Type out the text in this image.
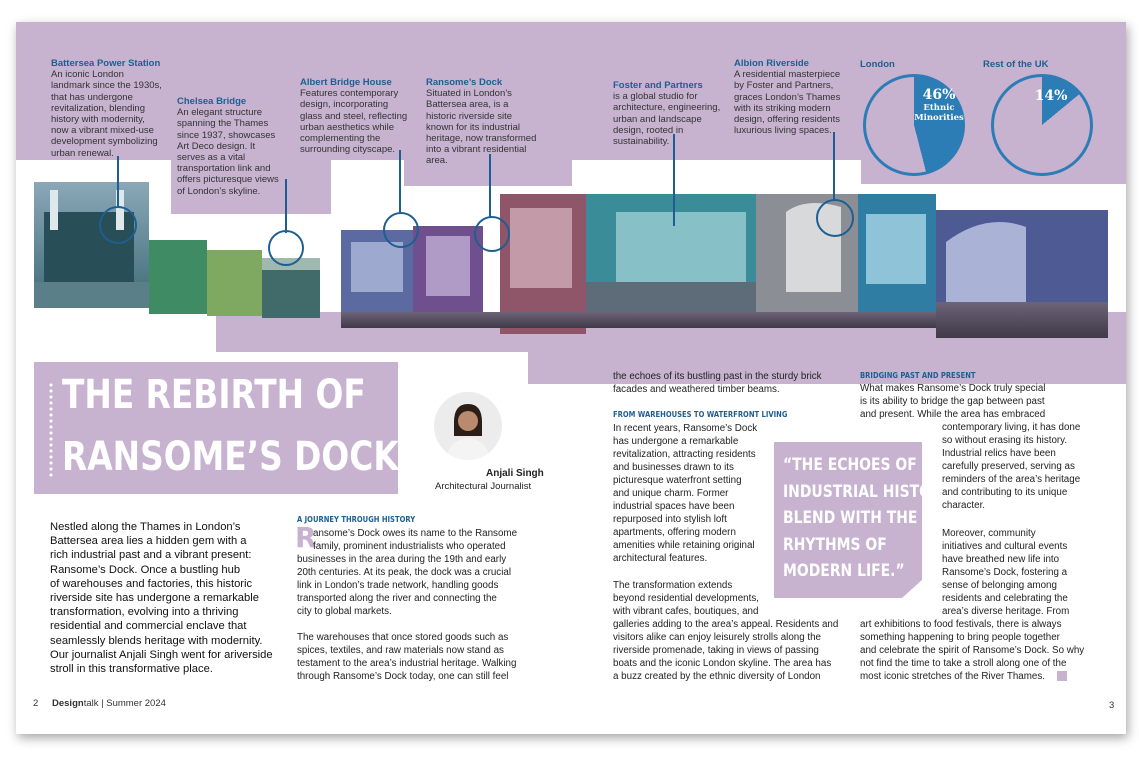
Battersea Power Station
An iconic London landmark since the 1930s, that has undergone revitalization, blending history with modernity, now a vibrant mixed-use development symbolizing urban renewal.
Chelsea Bridge
An elegant structure spanning the Thames since 1937, showcases Art Deco design. It serves as a vital transportation link and offers picturesque views of London’s skyline.
Albert Bridge House
Features contemporary design, incorporating glass and steel, reflecting urban aesthetics while complementing the surrounding cityscape.
Ransome’s Dock
Situated in London’s Battersea area, is a historic riverside site known for its industrial heritage, now transformed into a vibrant residential area.
Foster and Partners
is a global studio for architecture, engineering, urban and landscape design, rooted in sustainability.
Albion Riverside
A residential masterpiece by Foster and Partners, graces London’s Thames with its striking modern design, offering residents luxurious living spaces.
London
46%
Ethnic
Minorities
Rest of the UK
14%
THE REBIRTH OF
RANSOME’S DOCK	Anjali Singh
Architectural Journalist
Nestled along the Thames in London’s
Battersea area lies a hidden gem with a
rich industrial past and a vibrant present:
Ransome’s Dock. Once a bustling hub
of warehouses and factories, this historic
riverside site has undergone a remarkable
transformation, evolving into a thriving
residential and commercial enclave that
seamlessly blends heritage with modernity.
Our journalist Anjali Singh went for ariverside
stroll in this transformative place.
A JOURNEY THROUGH HISTORY
R
ansome’s Dock owes its name to the Ransome
family, prominent industrialists who operated
businesses in the area during the 19th and early
20th centuries. At its peak, the dock was a crucial
link in London’s trade network, handling goods
transported along the river and connecting the
city to global markets.
The warehouses that once stored goods such as
spices, textiles, and raw materials now stand as
testament to the area’s industrial heritage. Walking
through Ransome’s Dock today, one can still feel
the echoes of its bustling past in the sturdy brick
facades and weathered timber beams.
FROM WAREHOUSES TO WATERFRONT LIVING
In recent years, Ransome’s Dock
has undergone a remarkable
revitalization, attracting residents
and businesses drawn to its
picturesque waterfront setting
and unique charm. Former
industrial spaces have been
repurposed into stylish loft
apartments, offering modern
amenities while retaining original
architectural features.
The transformation extends
beyond residential developments,
with vibrant cafes, boutiques, and
galleries adding to the area’s appeal. Residents and
visitors alike can enjoy leisurely strolls along the
riverside promenade, taking in views of passing
boats and the iconic London skyline. The area has
a buzz created by the ethnic diversity of London
“THE ECHOES OF
INDUSTRIAL HISTORY
BLEND WITH THE
RHYTHMS OF
MODERN LIFE.”
BRIDGING PAST AND PRESENT
What makes Ransome’s Dock truly special
is its ability to bridge the gap between past
and present. While the area has embraced
contemporary living, it has done
so without erasing its history.
Industrial relics have been
carefully preserved, serving as
reminders of the area’s heritage
and contributing to its unique
character.
Moreover, community
initiatives and cultural events
have breathed new life into
Ransome’s Dock, fostering a
sense of belonging among
residents and celebrating the
area’s diverse heritage. From
art exhibitions to food festivals, there is always
something happening to bring people together
and celebrate the spirit of Ransome’s Dock. So why
not find the time to take a stroll along one of the
most iconic stretches of the River Thames.
2 Designtalk | Summer 2024	3
